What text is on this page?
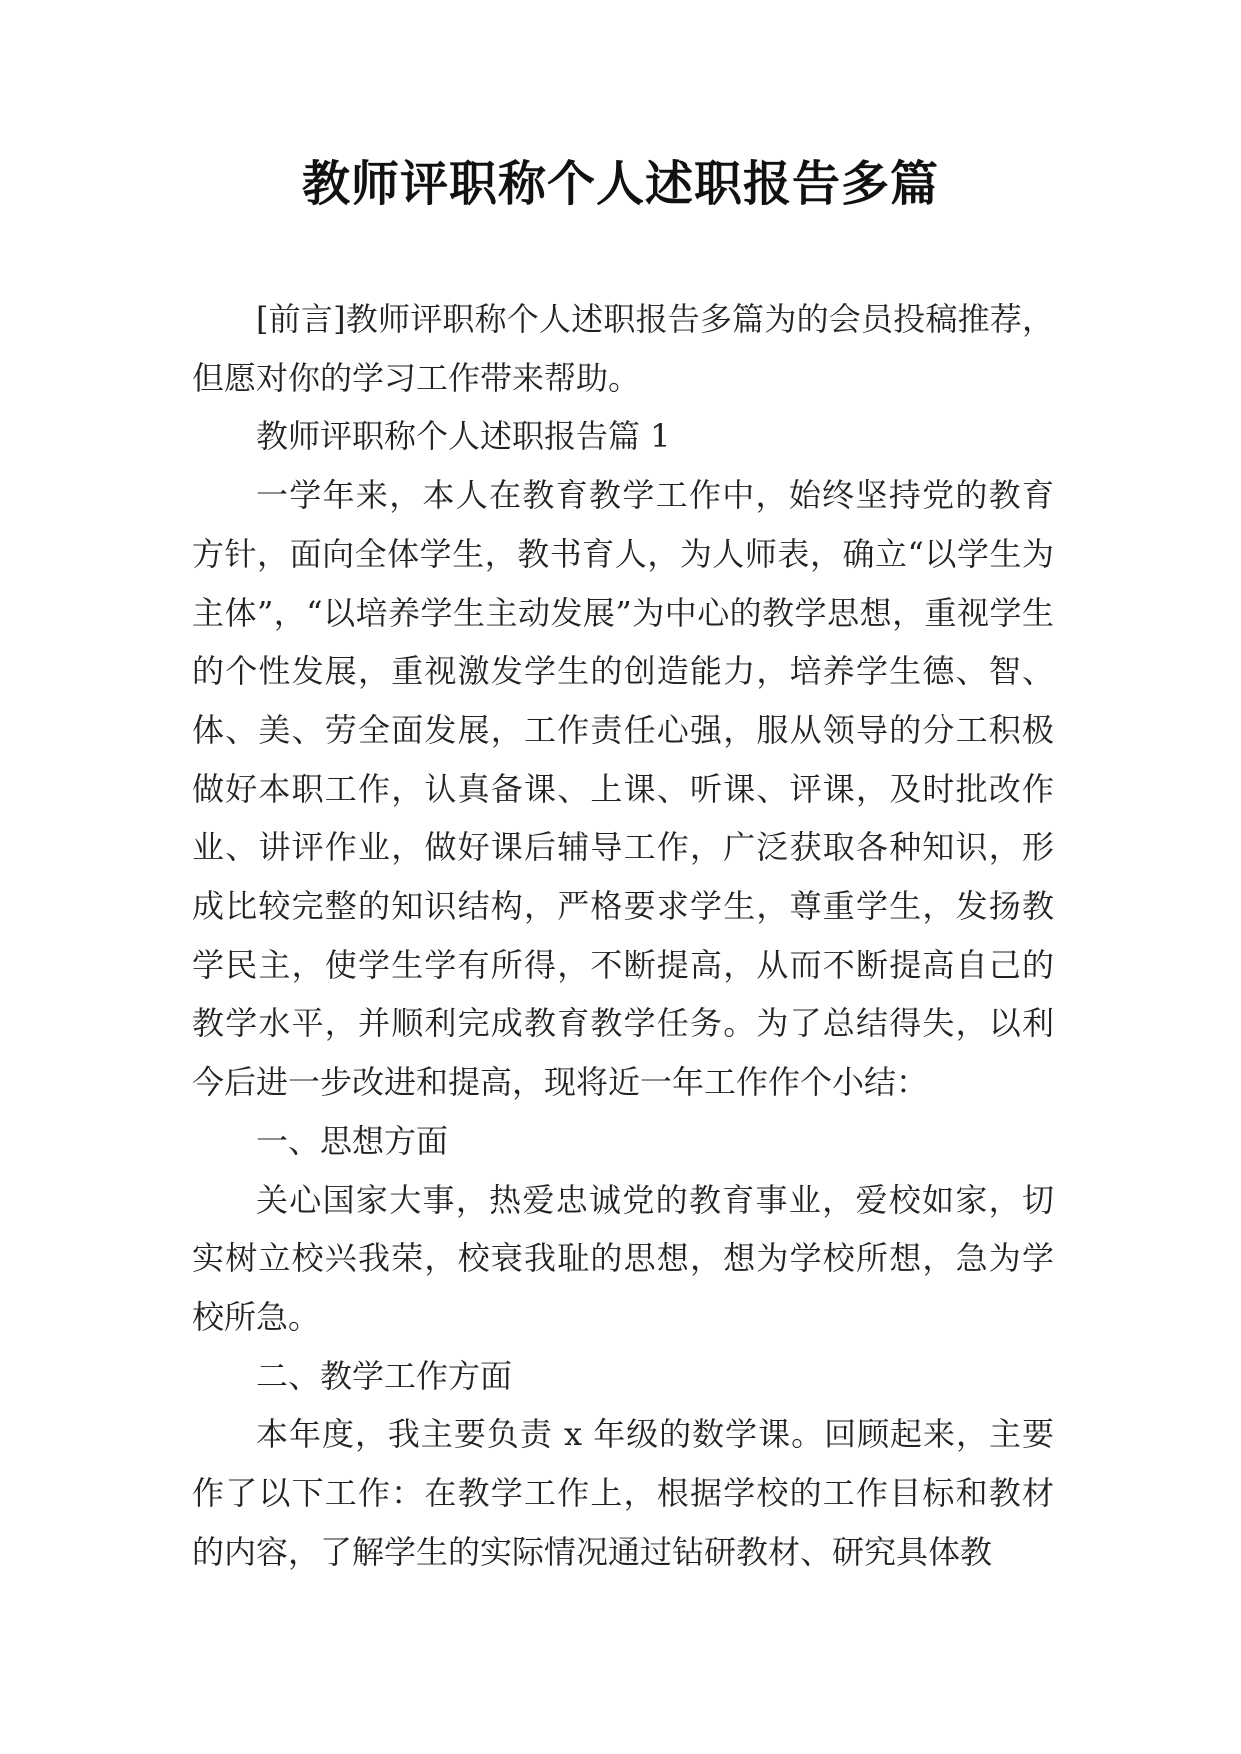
教师评职称个人述职报告多篇

[前言]教师评职称个人述职报告多篇为的会员投稿推荐，但愿对你的学习工作带来帮助。

教师评职称个人述职报告篇 1

一学年来，本人在教育教学工作中，始终坚持党的教育方针，面向全体学生，教书育人，为人师表，确立“以学生为主体”，“以培养学生主动发展”为中心的教学思想，重视学生的个性发展，重视激发学生的创造能力，培养学生德、智、体、美、劳全面发展，工作责任心强，服从领导的分工积极做好本职工作，认真备课、上课、听课、评课，及时批改作业、讲评作业，做好课后辅导工作，广泛获取各种知识，形成比较完整的知识结构，严格要求学生，尊重学生，发扬教学民主，使学生学有所得，不断提高，从而不断提高自己的教学水平，并顺利完成教育教学任务。为了总结得失，以利今后进一步改进和提高，现将近一年工作作个小结：

一、思想方面

关心国家大事，热爱忠诚党的教育事业，爱校如家，切实树立校兴我荣，校衰我耻的思想，想为学校所想，急为学校所急。

二、教学工作方面

本年度，我主要负责 x 年级的数学课。回顾起来，主要作了以下工作：在教学工作上，根据学校的工作目标和教材的内容，了解学生的实际情况通过钻研教材、研究具体教
